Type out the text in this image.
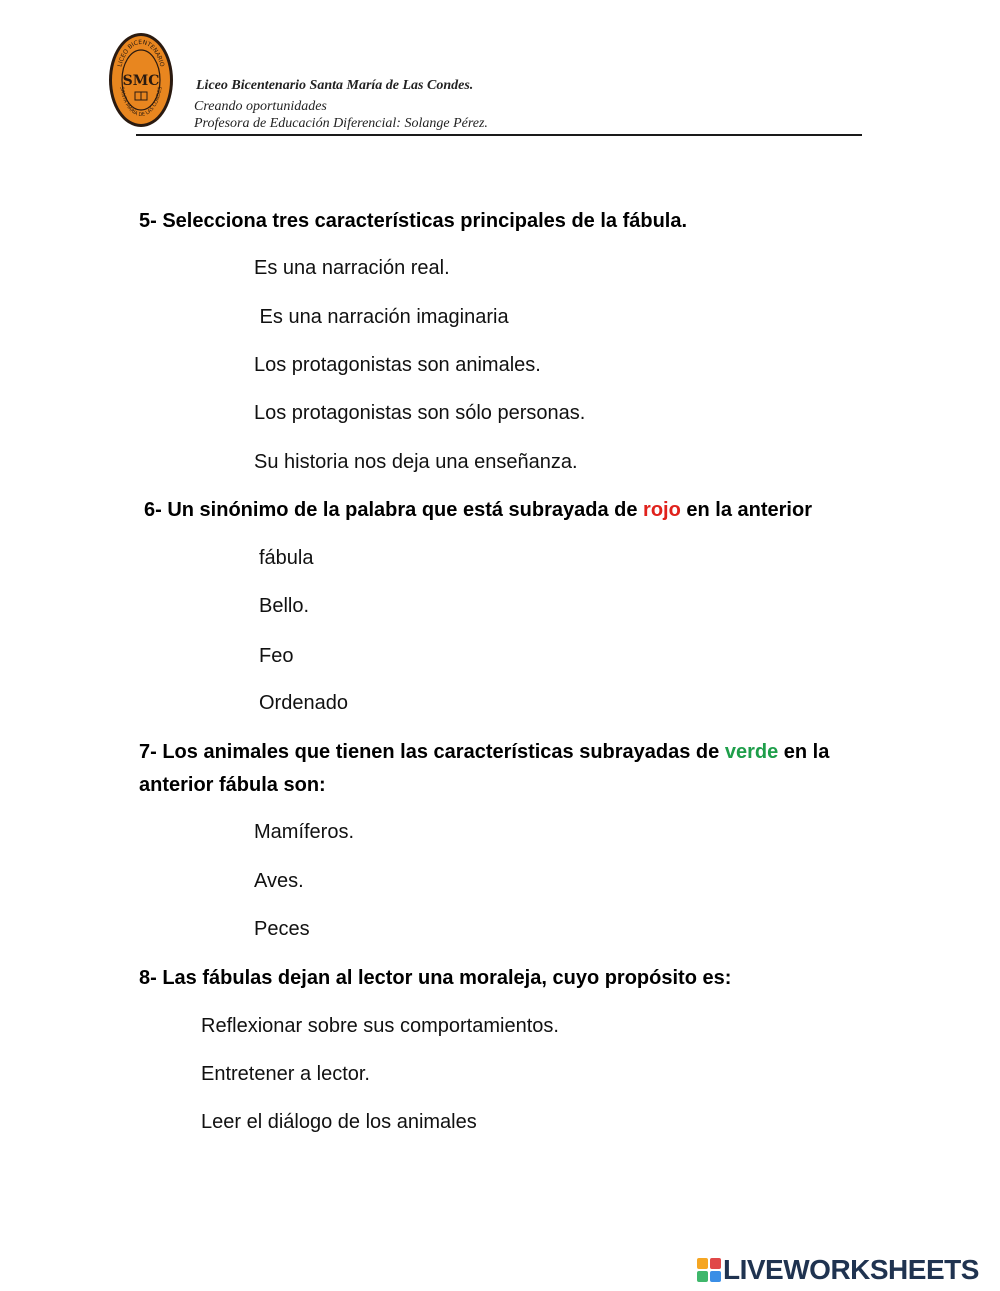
LICEO BICENTENARIO
SANTA MARÍA DE LAS CONDES
SMC	Liceo Bicentenario Santa María de Las Condes.
Creando oportunidades
Profesora de Educación Diferencial: Solange Pérez.
5- Selecciona tres características principales de la fábula.
Es una narración real.
Es una narración imaginaria
Los protagonistas son animales.
Los protagonistas son sólo personas.
Su historia nos deja una enseñanza.
6- Un sinónimo de la palabra que está subrayada de rojo en la anterior
fábula
Bello.
Feo
Ordenado
7- Los animales que tienen las características subrayadas de verde en la
anterior fábula son:
Mamíferos.
Aves.
Peces
8- Las fábulas dejan al lector una moraleja, cuyo propósito es:
Reflexionar sobre sus comportamientos.
Entretener a lector.
Leer el diálogo de los animales
LIVEWORKSHEETS
